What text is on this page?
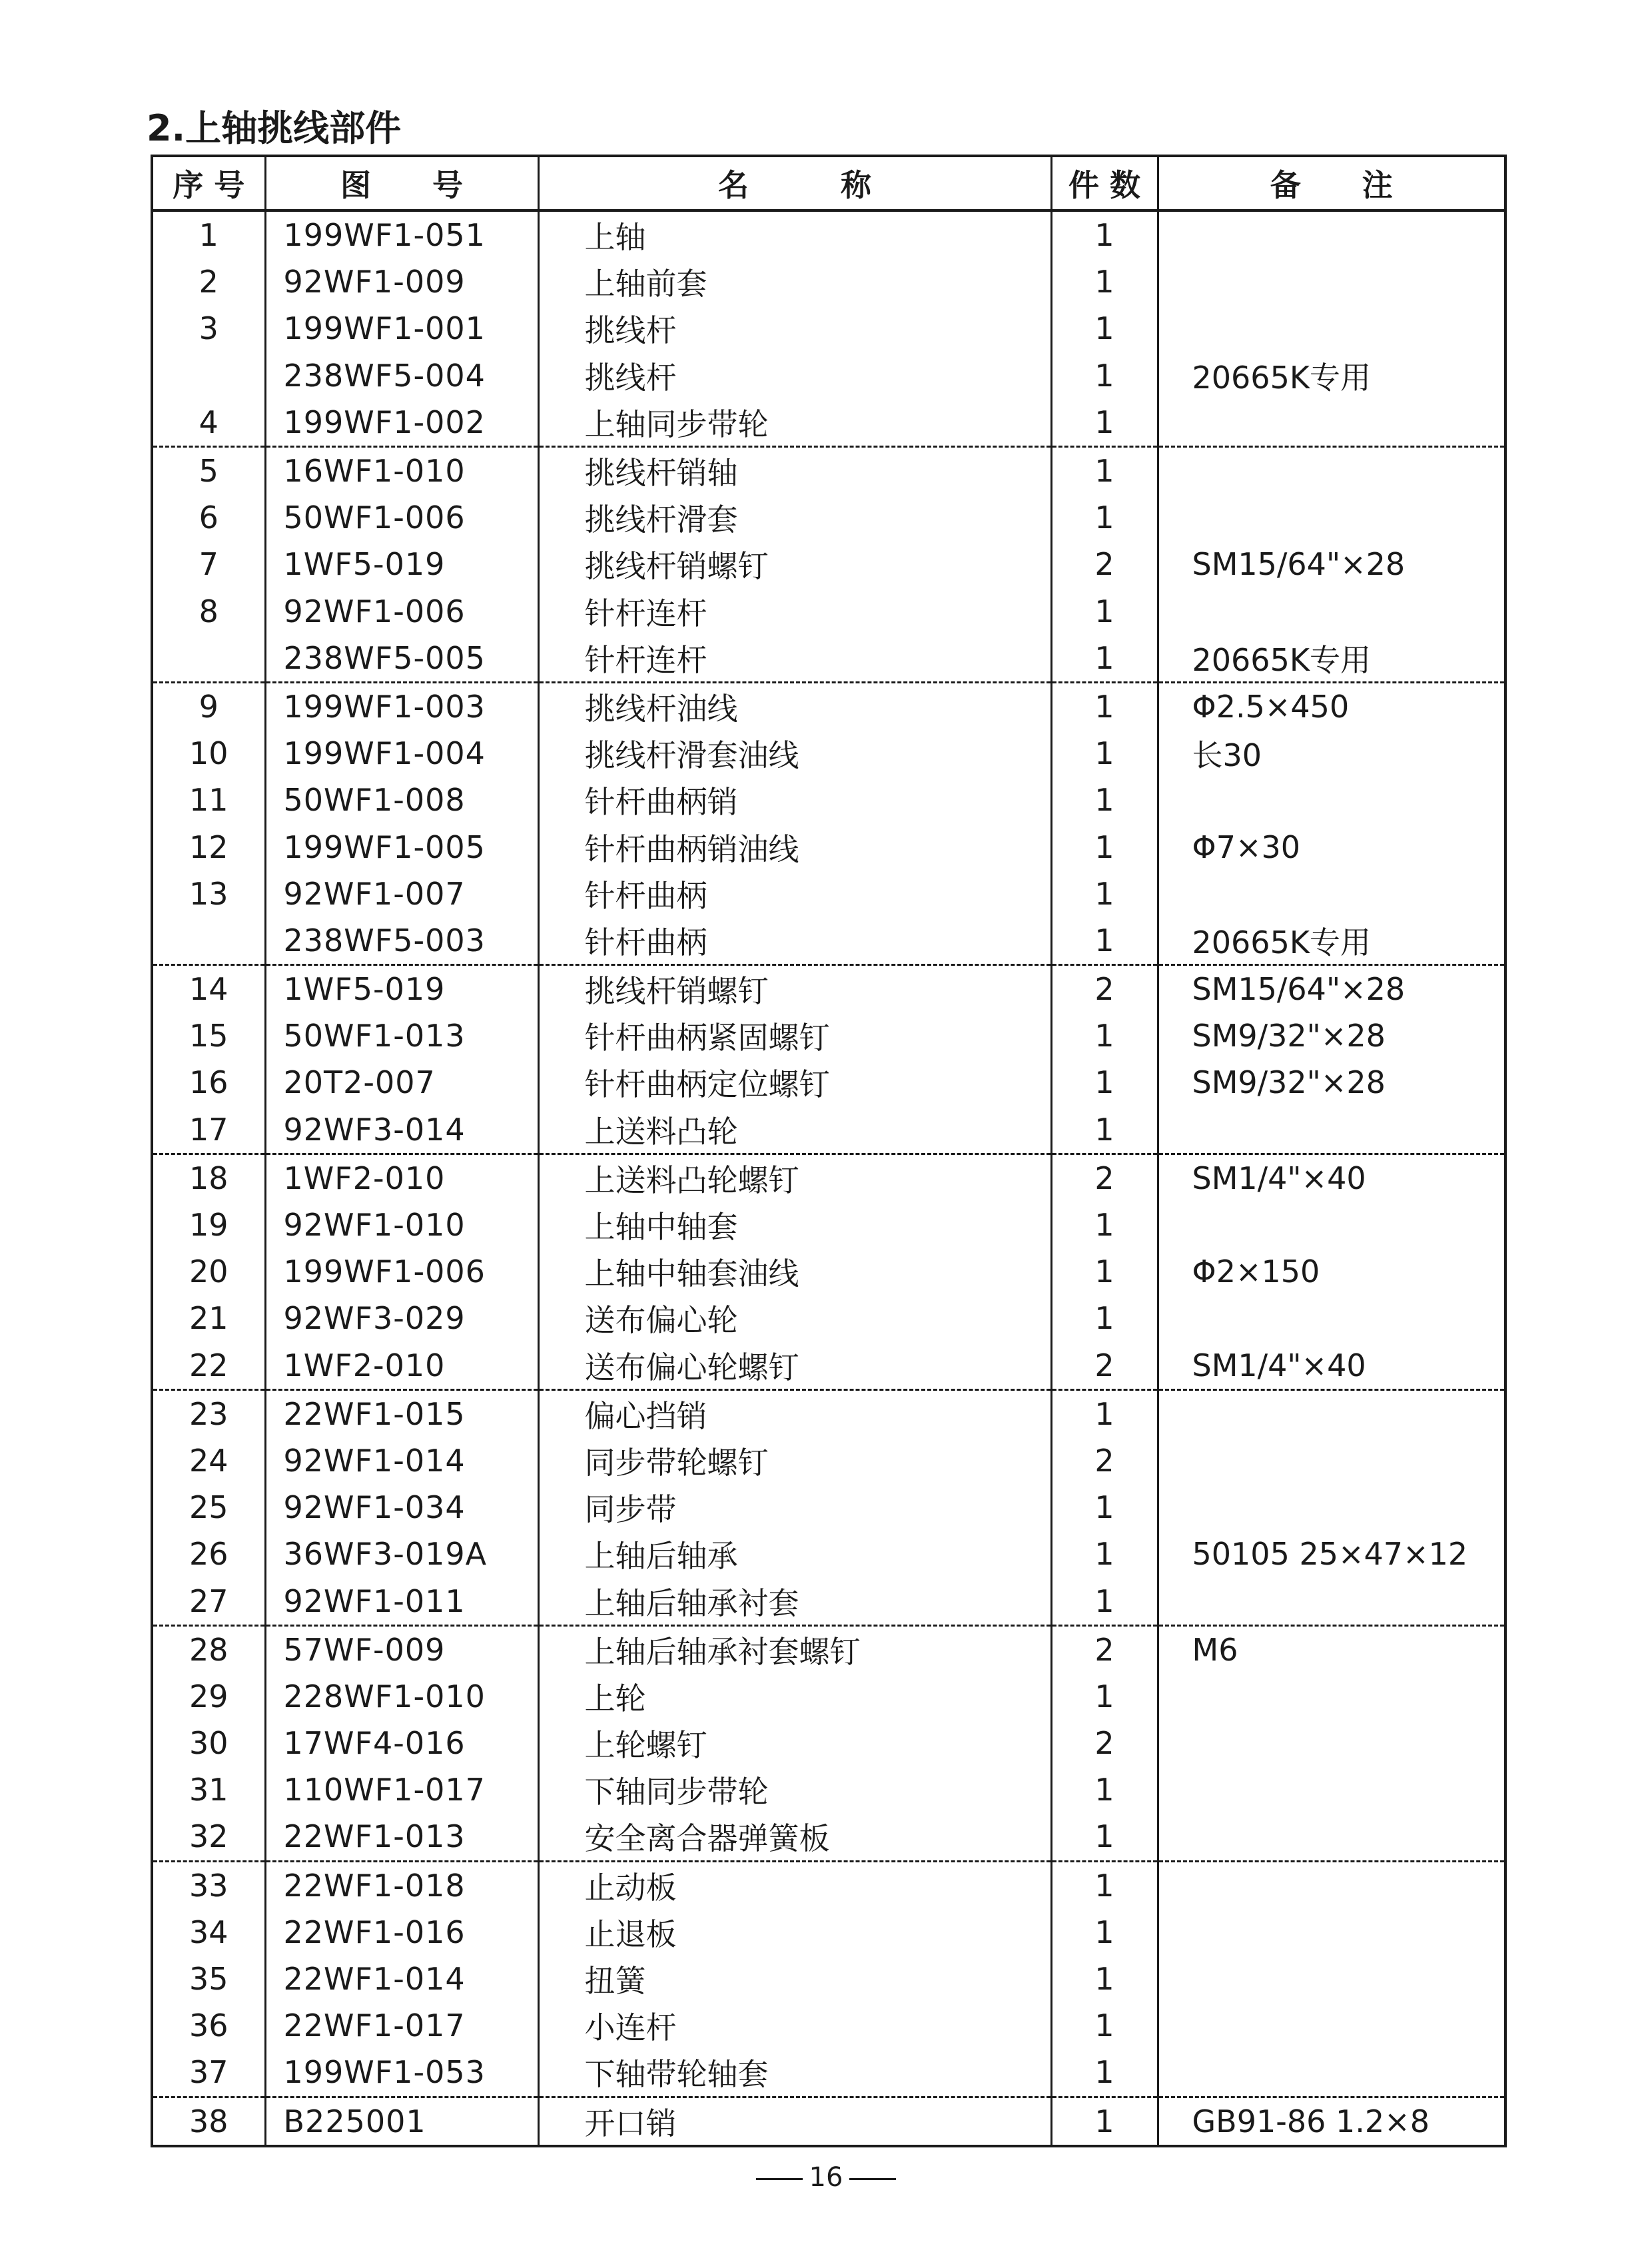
2.上轴挑线部件
序 号	图　　号	名　　　称	件 数	备　　注
1	199WF1-051	上轴	1	
2	92WF1-009	上轴前套	1	
3	199WF1-001	挑线杆	1	
	238WF5-004	挑线杆	1	20665K专用
4	199WF1-002	上轴同步带轮	1	
5	16WF1-010	挑线杆销轴	1	
6	50WF1-006	挑线杆滑套	1	
7	1WF5-019	挑线杆销螺钉	2	SM15/64"×28
8	92WF1-006	针杆连杆	1	
	238WF5-005	针杆连杆	1	20665K专用
9	199WF1-003	挑线杆油线	1	Φ2.5×450
10	199WF1-004	挑线杆滑套油线	1	长30
11	50WF1-008	针杆曲柄销	1	
12	199WF1-005	针杆曲柄销油线	1	Φ7×30
13	92WF1-007	针杆曲柄	1	
	238WF5-003	针杆曲柄	1	20665K专用
14	1WF5-019	挑线杆销螺钉	2	SM15/64"×28
15	50WF1-013	针杆曲柄紧固螺钉	1	SM9/32"×28
16	20T2-007	针杆曲柄定位螺钉	1	SM9/32"×28
17	92WF3-014	上送料凸轮	1	
18	1WF2-010	上送料凸轮螺钉	2	SM1/4"×40
19	92WF1-010	上轴中轴套	1	
20	199WF1-006	上轴中轴套油线	1	Φ2×150
21	92WF3-029	送布偏心轮	1	
22	1WF2-010	送布偏心轮螺钉	2	SM1/4"×40
23	22WF1-015	偏心挡销	1	
24	92WF1-014	同步带轮螺钉	2	
25	92WF1-034	同步带	1	
26	36WF3-019A	上轴后轴承	1	50105 25×47×12
27	92WF1-011	上轴后轴承衬套	1	
28	57WF-009	上轴后轴承衬套螺钉	2	M6
29	228WF1-010	上轮	1	
30	17WF4-016	上轮螺钉	2	
31	110WF1-017	下轴同步带轮	1	
32	22WF1-013	安全离合器弹簧板	1	
33	22WF1-018	止动板	1	
34	22WF1-016	止退板	1	
35	22WF1-014	扭簧	1	
36	22WF1-017	小连杆	1	
37	199WF1-053	下轴带轮轴套	1	
38	B225001	开口销	1	GB91-86 1.2×8
16
